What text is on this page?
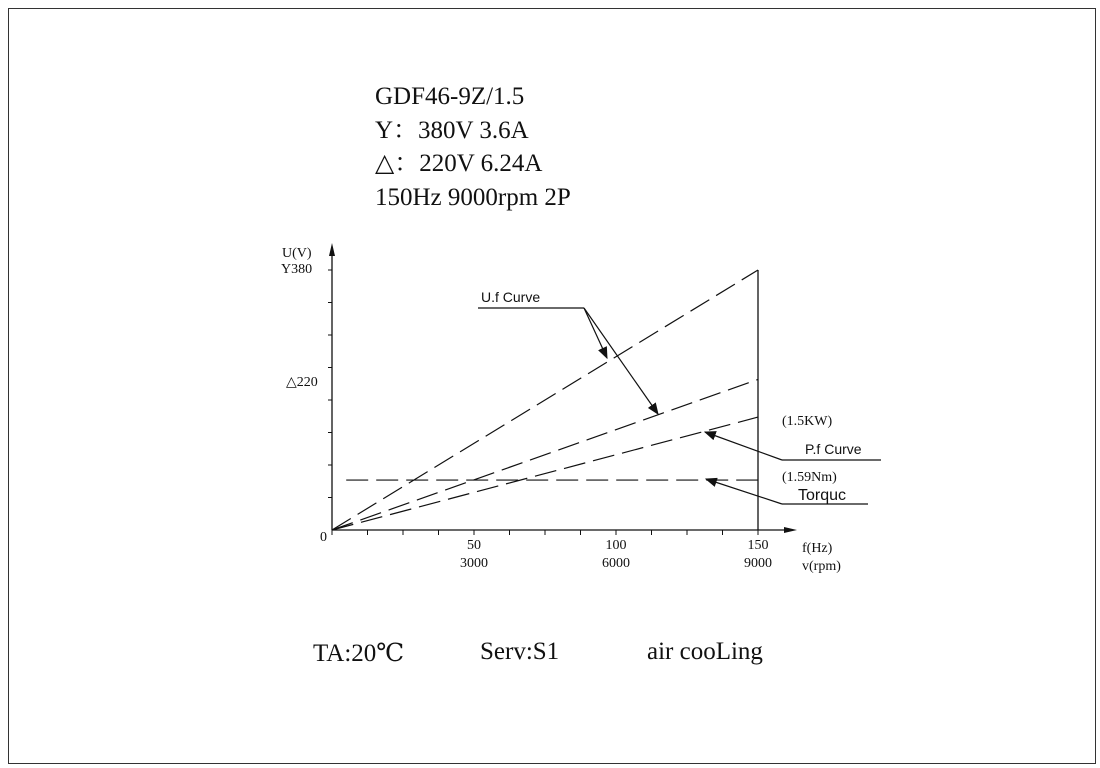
GDF46-9Z/1.5
Y：380V 3.6A
△：220V 6.24A
150Hz 9000rpm 2P
U(V)
Y380
△220
0
50
3000
100
6000
150
9000
f(Hz)
v(rpm)
U.f Curve
(1.5KW)
P.f Curve
(1.59Nm)
Torquc
TA:20℃	Serv:S1	air cooLing
